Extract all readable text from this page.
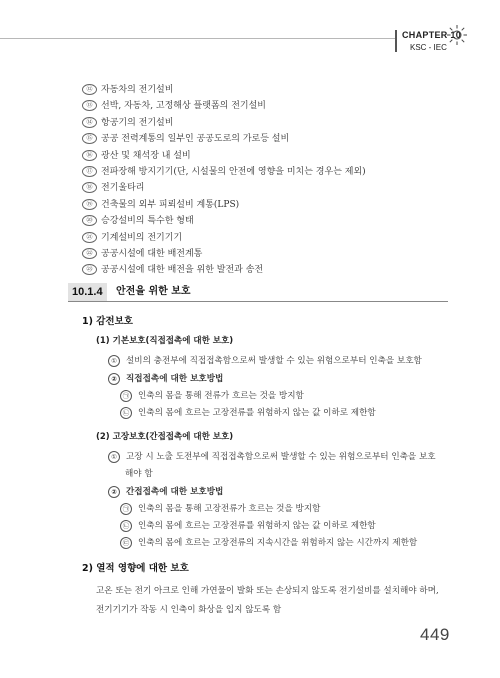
CHAPTER 10
KSC - IEC
⑫ 자동차의 전기설비
⑬ 선박, 자동차, 고정해상 플랫폼의 전기설비
⑭ 항공기의 전기설비
⑮ 공공 전력계통의 일부인 공공도로의 가로등 설비
⑯ 광산 및 채석장 내 설비
⑰ 전파장해 방지기기(단, 시설물의 안전에 영향을 미치는 경우는 제외)
⑱ 전기울타리
⑲ 건축물의 외부 피뢰설비 계통(LPS)
⑳ 승강설비의 특수한 형태
㉑ 기계설비의 전기기기
㉒ 공공시설에 대한 배전계통
10.1.4	안전을 위한 보호
1) 감전보호
(1) 기본보호(직접접촉에 대한 보호)
① 설비의 충전부에 직접접촉함으로써 발생할 수 있는 위험으로부터 인축을 보호함
② 직접접촉에 대한 보호방법
㉠ 인축의 몸을 통해 전류가 흐르는 것을 방지함
㉡ 인축의 몸에 흐르는 고장전류를 위험하지 않는 값 이하로 제한함
(2) 고장보호(간접접촉에 대한 보호)
① 고장 시 노출 도전부에 직접접촉함으로써 발생할 수 있는 위험으로부터 인축을 보호
해야 함
② 간접접촉에 대한 보호방법
㉠ 인축의 몸을 통해 고장전류가 흐르는 것을 방지함
㉡ 인축의 몸에 흐르는 고장전류를 위험하지 않는 값 이하로 제한함
㉢ 인축의 몸에 흐르는 고장전류의 지속시간을 위험하지 않는 시간까지 제한함
2) 열적 영향에 대한 보호
고온 또는 전기 아크로 인해 가연물이 발화 또는 손상되지 않도록 전기설비를 설치해야 하며,
전기기기가 작동 시 인축이 화상을 입지 않도록 함
449
㉓ 공공시설에 대한 배전을 위한 발전과 송전
